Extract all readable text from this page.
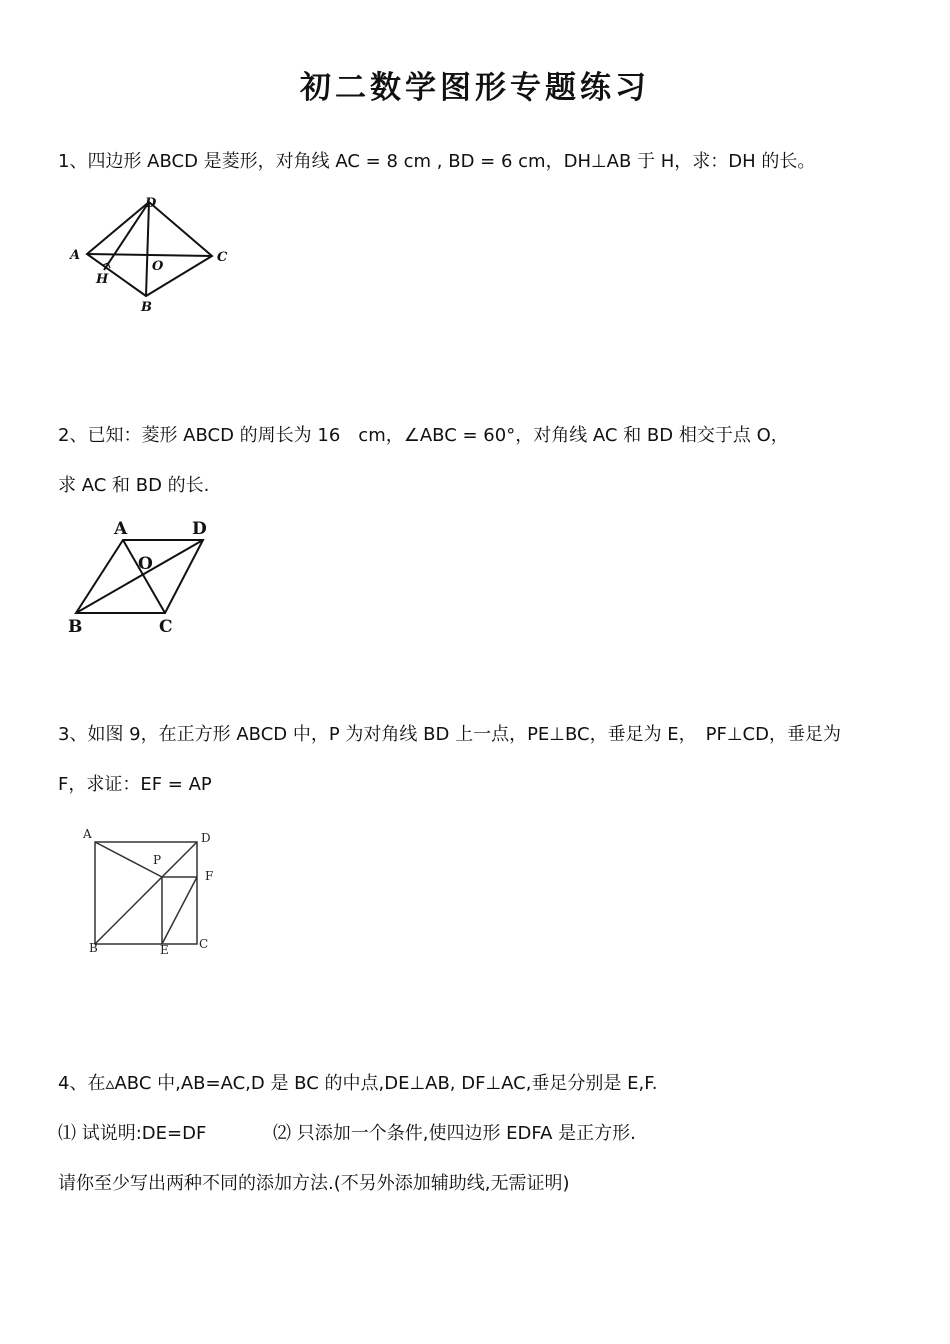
初二数学图形专题练习
1、四边形 ABCD 是菱形，对角线 AC = 8 cm , BD = 6 cm，DH⊥AB 于 H，求：DH 的长。
A
B
C
D
H
O
2、已知：菱形 ABCD 的周长为 16　cm，∠ABC = 60°，对角线 AC 和 BD 相交于点 O，
求 AC 和 BD 的长.
A
B	C
D
O
3、如图 9，在正方形 ABCD 中，P 为对角线 BD 上一点，PE⊥BC，垂足为 E，　PF⊥CD，垂足为
F，求证：EF = AP
A
B	C
D
E
F
P
4、在▵ABC 中,AB=AC,D 是 BC 的中点,DE⊥AB, DF⊥AC,垂足分别是 E,F.
⑴ 试说明:DE=DF	⑵ 只添加一个条件,使四边形 EDFA 是正方形.
请你至少写出两种不同的添加方法.(不另外添加辅助线,无需证明)
